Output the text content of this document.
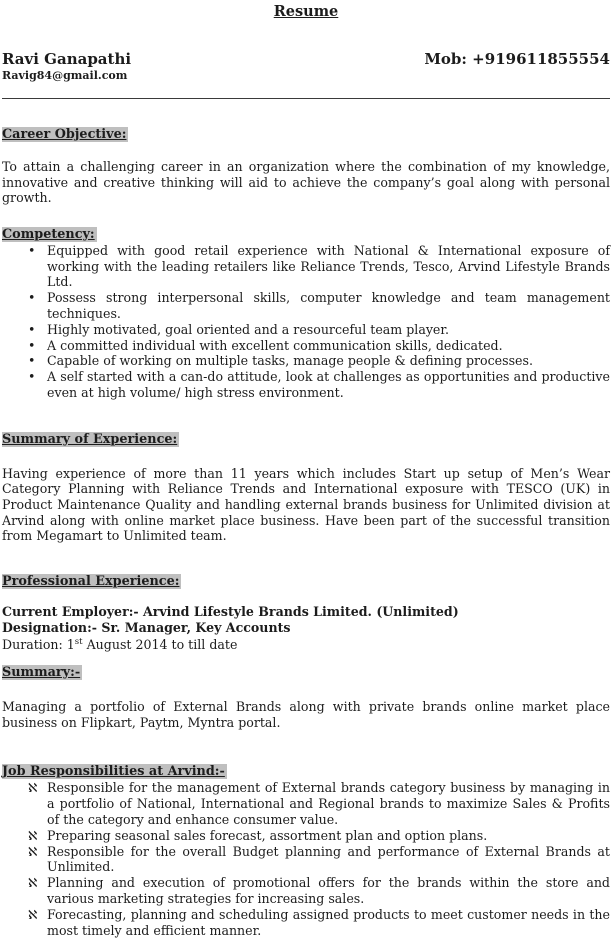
Resume
Ravi Ganapathi
Ravig84@gmail.com
Mob: +919611855554
Career Objective:

To attain a challenging career in an organization where the combination of my knowledge, innovative and creative thinking will aid to achieve the company’s goal along with personal growth.

Competency:
• Equipped with good retail experience with National & International exposure of working with the leading retailers like Reliance Trends, Tesco, Arvind Lifestyle Brands Ltd.
• Possess strong interpersonal skills, computer knowledge and team management techniques.
• Highly motivated, goal oriented and a resourceful team player.
• A committed individual with excellent communication skills, dedicated.
• Capable of working on multiple tasks, manage people & defining processes.
• A self started with a can-do attitude, look at challenges as opportunities and productive even at high volume/ high stress environment.
Summary of Experience:

Having experience of more than 11 years which includes Start up setup of Men’s Wear Category Planning with Reliance Trends and International exposure with TESCO (UK) in Product Maintenance Quality and handling external brands business for Unlimited division at Arvind along with online market place business. Have been part of the successful transition from Megamart to Unlimited team.

Professional Experience:
Current Employer:- Arvind Lifestyle Brands Limited. (Unlimited)
Designation:- Sr. Manager, Key Accounts
Duration: 1st August 2014 to till date
Summary:-

Managing a portfolio of External Brands along with private brands online market place business on Flipkart, Paytm, Myntra portal.

Job Responsibilities at Arvind:-
ℵ Responsible for the management of External brands category business by managing in a portfolio of National, International and Regional brands to maximize Sales & Profits of the category and enhance consumer value.
ℵ Preparing seasonal sales forecast, assortment plan and option plans.
ℵ Responsible for the overall Budget planning and performance of External Brands at Unlimited.
ℵ Planning and execution of promotional offers for the brands within the store and various marketing strategies for increasing sales.
ℵ Forecasting, planning and scheduling assigned products to meet customer needs in the most timely and efficient manner.
